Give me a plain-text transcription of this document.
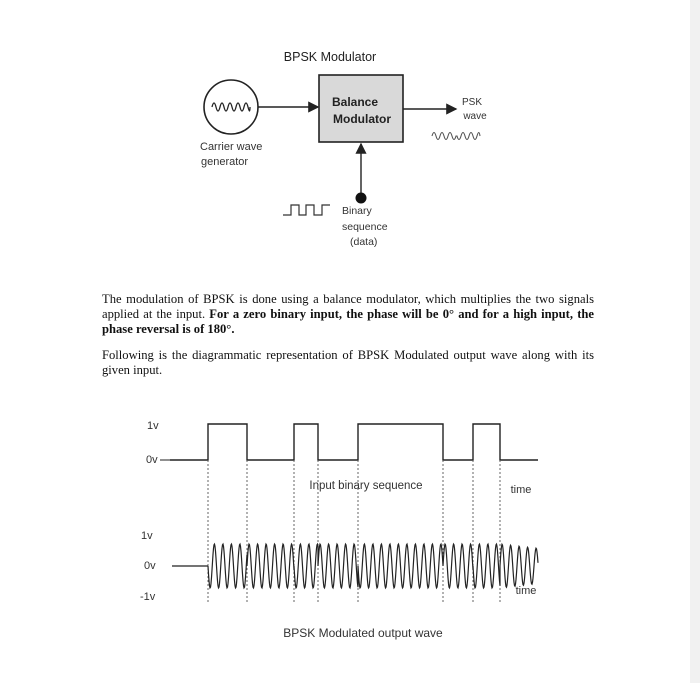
BPSK Modulator
Carrier wave
generator
Balance
Modulator
PSK
wave
Binary
sequence
(data)
1v
0v
Input binary sequence	time
1v
0v
-1v	time
BPSK Modulated output wave
The modulation of BPSK is done using a balance modulator, which multiplies the two signals applied at the input. For a zero binary input, the phase will be 0° and for a high input, the phase reversal is of 180°.
Following is the diagrammatic representation of BPSK Modulated output wave along with its given input.
